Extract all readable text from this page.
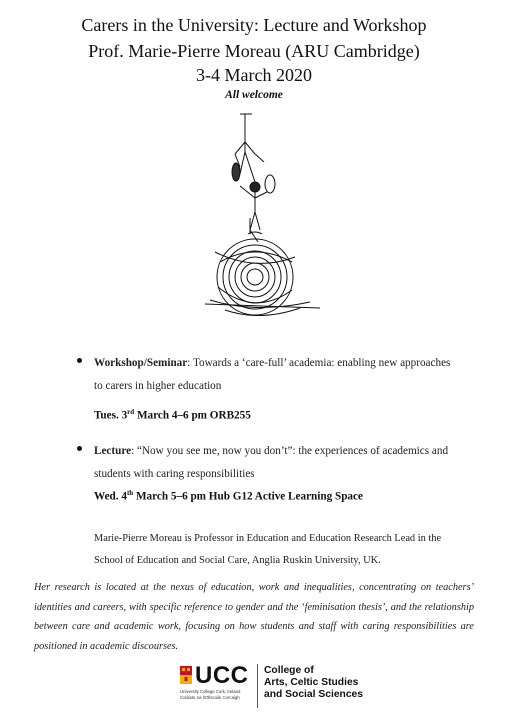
Carers in the University: Lecture and Workshop
Prof. Marie-Pierre Moreau (ARU Cambridge)
3-4 March 2020
All welcome
Workshop/Seminar: Towards a ‘care-full’ academia: enabling new approaches to carers in higher education
Tues. 3rd March 4–6 pm ORB255
Lecture: “Now you see me, now you don’t”: the experiences of academics and students with caring responsibilities
Wed. 4th March 5–6 pm Hub G12 Active Learning Space
Marie-Pierre Moreau is Professor in Education and Education Research Lead in the School of Education and Social Care, Anglia Ruskin University, UK.
Her research is located at the nexus of education, work and inequalities, concentrating on teachers’ identities and careers, with specific reference to gender and the ‘feminisation thesis’, and the relationship between care and academic work, focusing on how students and staff with caring responsibilities are positioned in academic discourses.
UCC
University College Cork, Ireland
Coláiste na hOllscoile Corcaigh
College of
Arts, Celtic Studies
and Social Sciences
